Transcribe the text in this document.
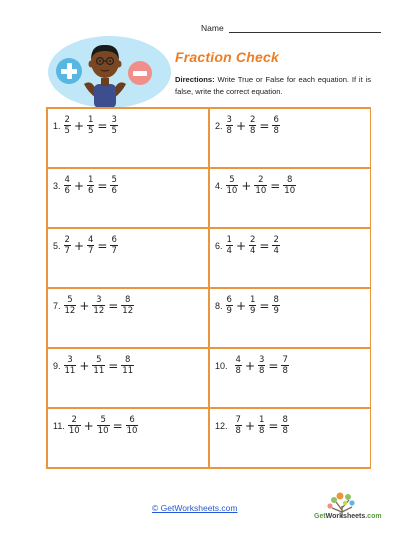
Name
Fraction Check
Directions: Write True or False for each equation. If it is false, write the correct equation.
1. $\frac{2}{5} + \frac{1}{5} = \frac{3}{5}$	2. $\frac{3}{8} + \frac{2}{8} = \frac{6}{8}$
3. $\frac{4}{6} + \frac{1}{6} = \frac{5}{6}$	4. $\frac{5}{10} + \frac{2}{10} = \frac{8}{10}$
5. $\frac{2}{7} + \frac{4}{7} = \frac{6}{7}$	6. $\frac{1}{4} + \frac{2}{4} = \frac{2}{4}$
7. $\frac{5}{12} + \frac{3}{12} = \frac{8}{12}$	8. $\frac{6}{9} + \frac{1}{9} = \frac{8}{9}$
9. $\frac{3}{11} + \frac{5}{11} = \frac{8}{11}$	10. $\frac{4}{8} + \frac{3}{8} = \frac{7}{8}$
11. $\frac{2}{10} + \frac{5}{10} = \frac{6}{10}$	12. $\frac{7}{8} + \frac{1}{8} = \frac{8}{8}$
© GetWorksheets.com
GetWorksheets.com
